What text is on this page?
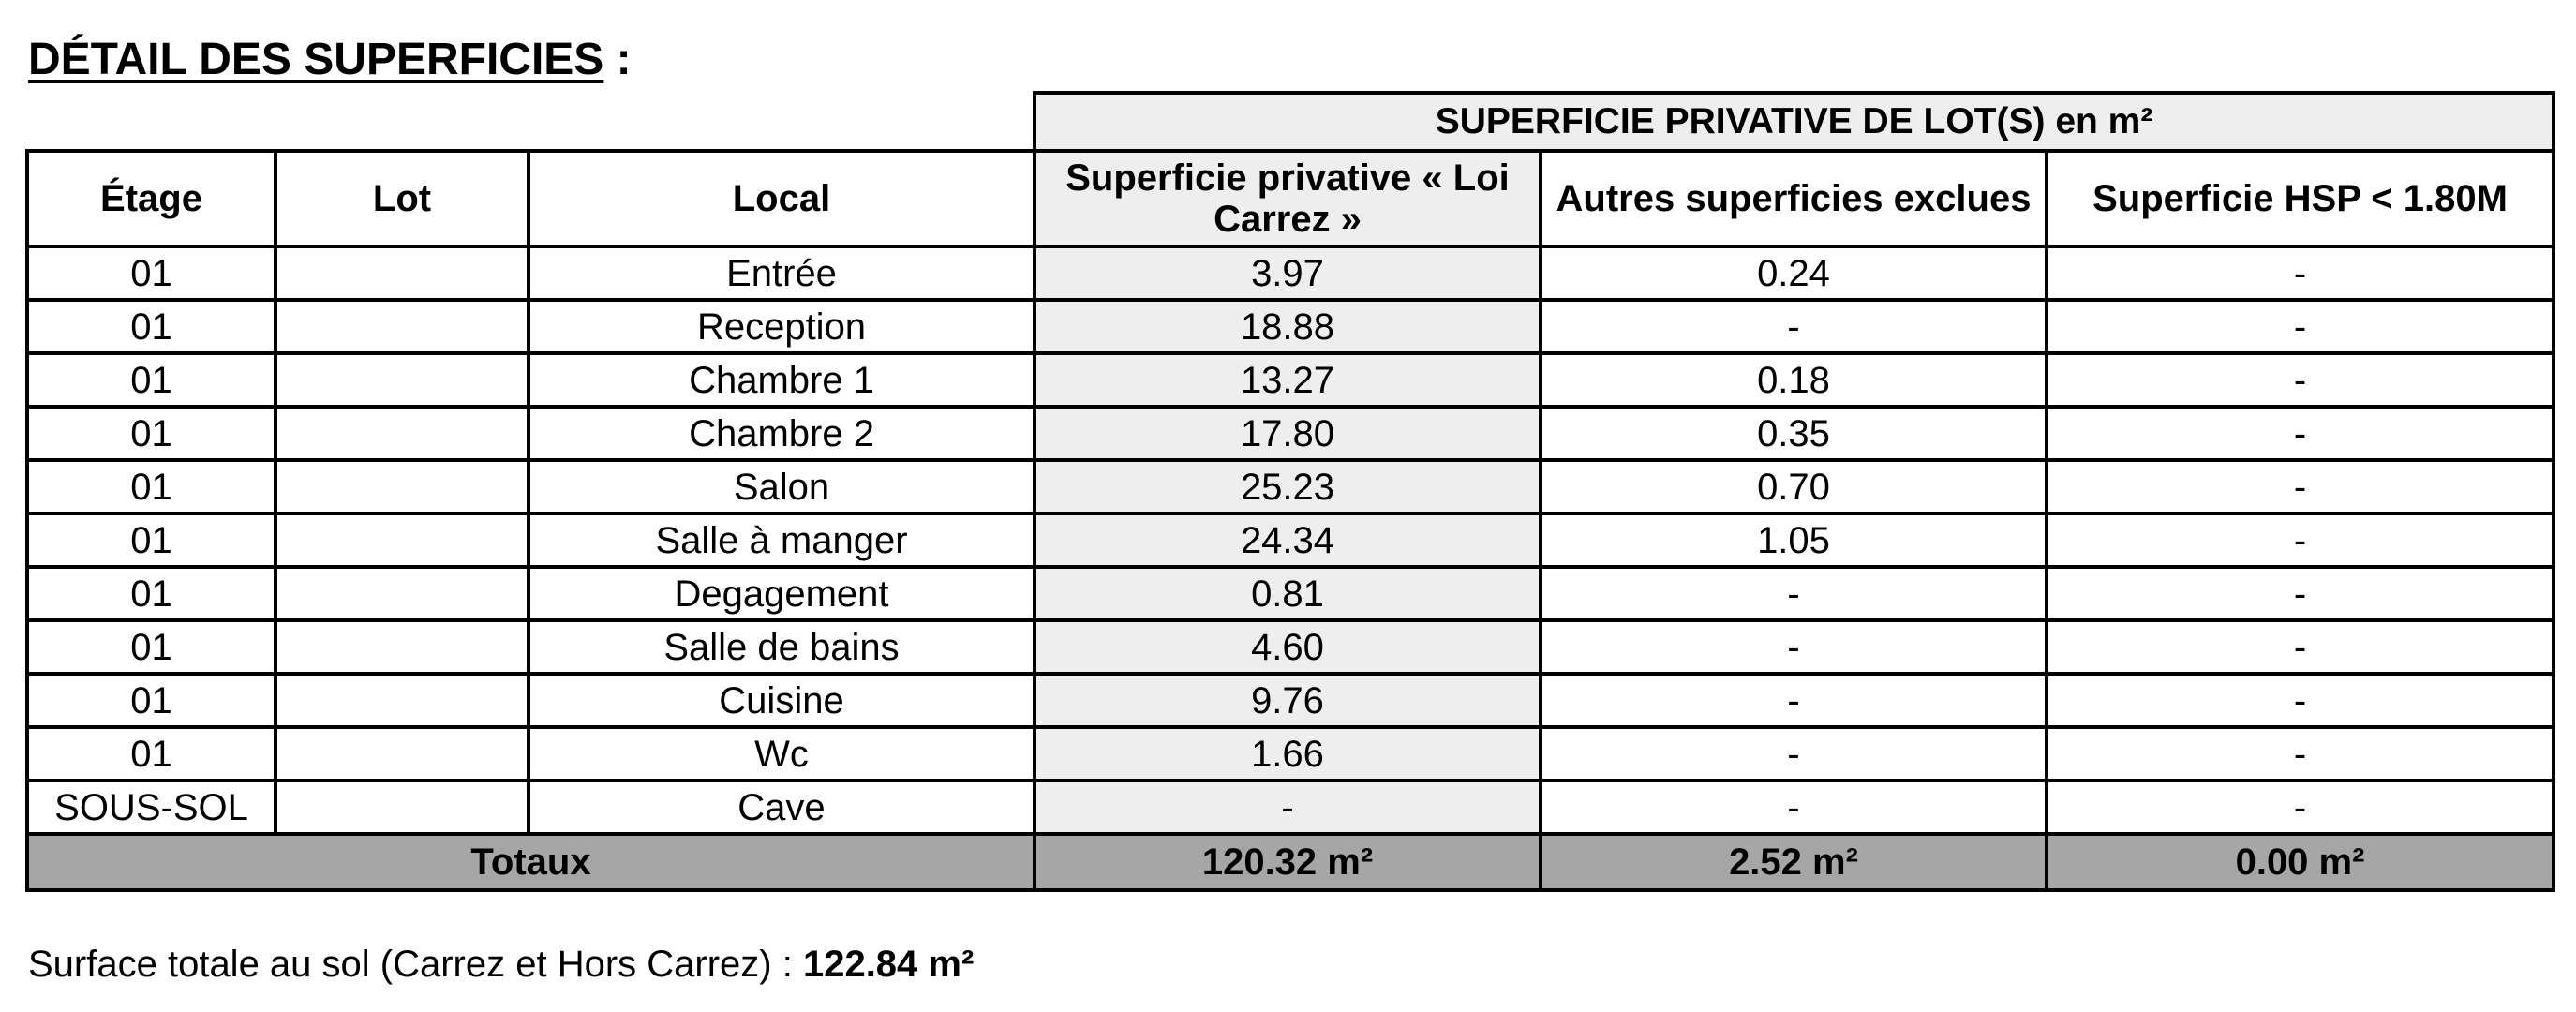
DÉTAIL DES SUPERFICIES :
			SUPERFICIE PRIVATIVE DE LOT(S) en m²		
Étage	Lot	Local	Superficie privative « Loi Carrez »	Autres superficies exclues	Superficie HSP < 1.80M
01		Entrée	3.97	0.24	-
01		Reception	18.88	-	-
01		Chambre 1	13.27	0.18	-
01		Chambre 2	17.80	0.35	-
01		Salon	25.23	0.70	-
01		Salle à manger	24.34	1.05	-
01		Degagement	0.81	-	-
01		Salle de bains	4.60	-	-
01		Cuisine	9.76	-	-
01		Wc	1.66	-	-
SOUS-SOL		Cave	-	-	-
Totaux			120.32 m²	2.52 m²	0.00 m²
Surface totale au sol (Carrez et Hors Carrez) : 122.84 m²
